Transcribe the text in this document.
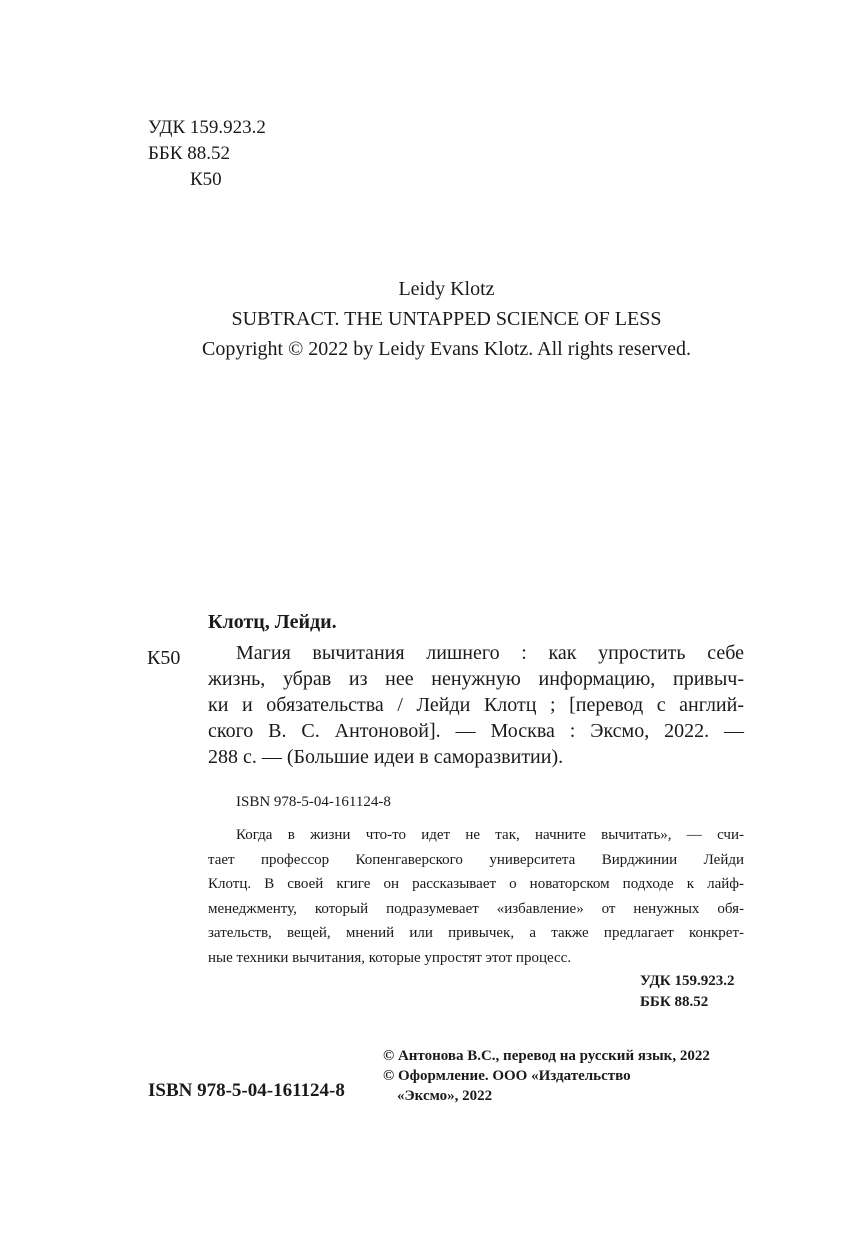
УДК 159.923.2
ББК 88.52
К50
Leidy Klotz
SUBTRACT. THE UNTAPPED SCIENCE OF LESS
Copyright © 2022 by Leidy Evans Klotz. All rights reserved.
Клотц, Лейди.
К50	Магия вычитания лишнего : как упростить себе
жизнь, убрав из нее ненужную информацию, привыч-
ки и обязательства / Лейди Клотц ; [перевод с англий-
ского В. С. Антоновой]. — Москва : Эксмо, 2022. —
288 с. — (Большие идеи в саморазвитии).
ISBN 978-5-04-161124-8
Когда в жизни что-то идет не так, начните вычитать», — счи-
тает профессор Копенгаверского университета Вирджинии Лейди
Клотц. В своей кгиге он рассказывает о новаторском подходе к лайф-
менеджменту, который подразумевает «избавление» от ненужных обя-
зательств, вещей, мнений или привычек, а также предлагает конкрет-
ные техники вычитания, которые упростят этот процесс.
УДК 159.923.2
ББК 88.52
© Антонова В.С., перевод на русский язык, 2022
© Оформление. ООО «Издательство
«Эксмо», 2022
ISBN 978-5-04-161124-8
